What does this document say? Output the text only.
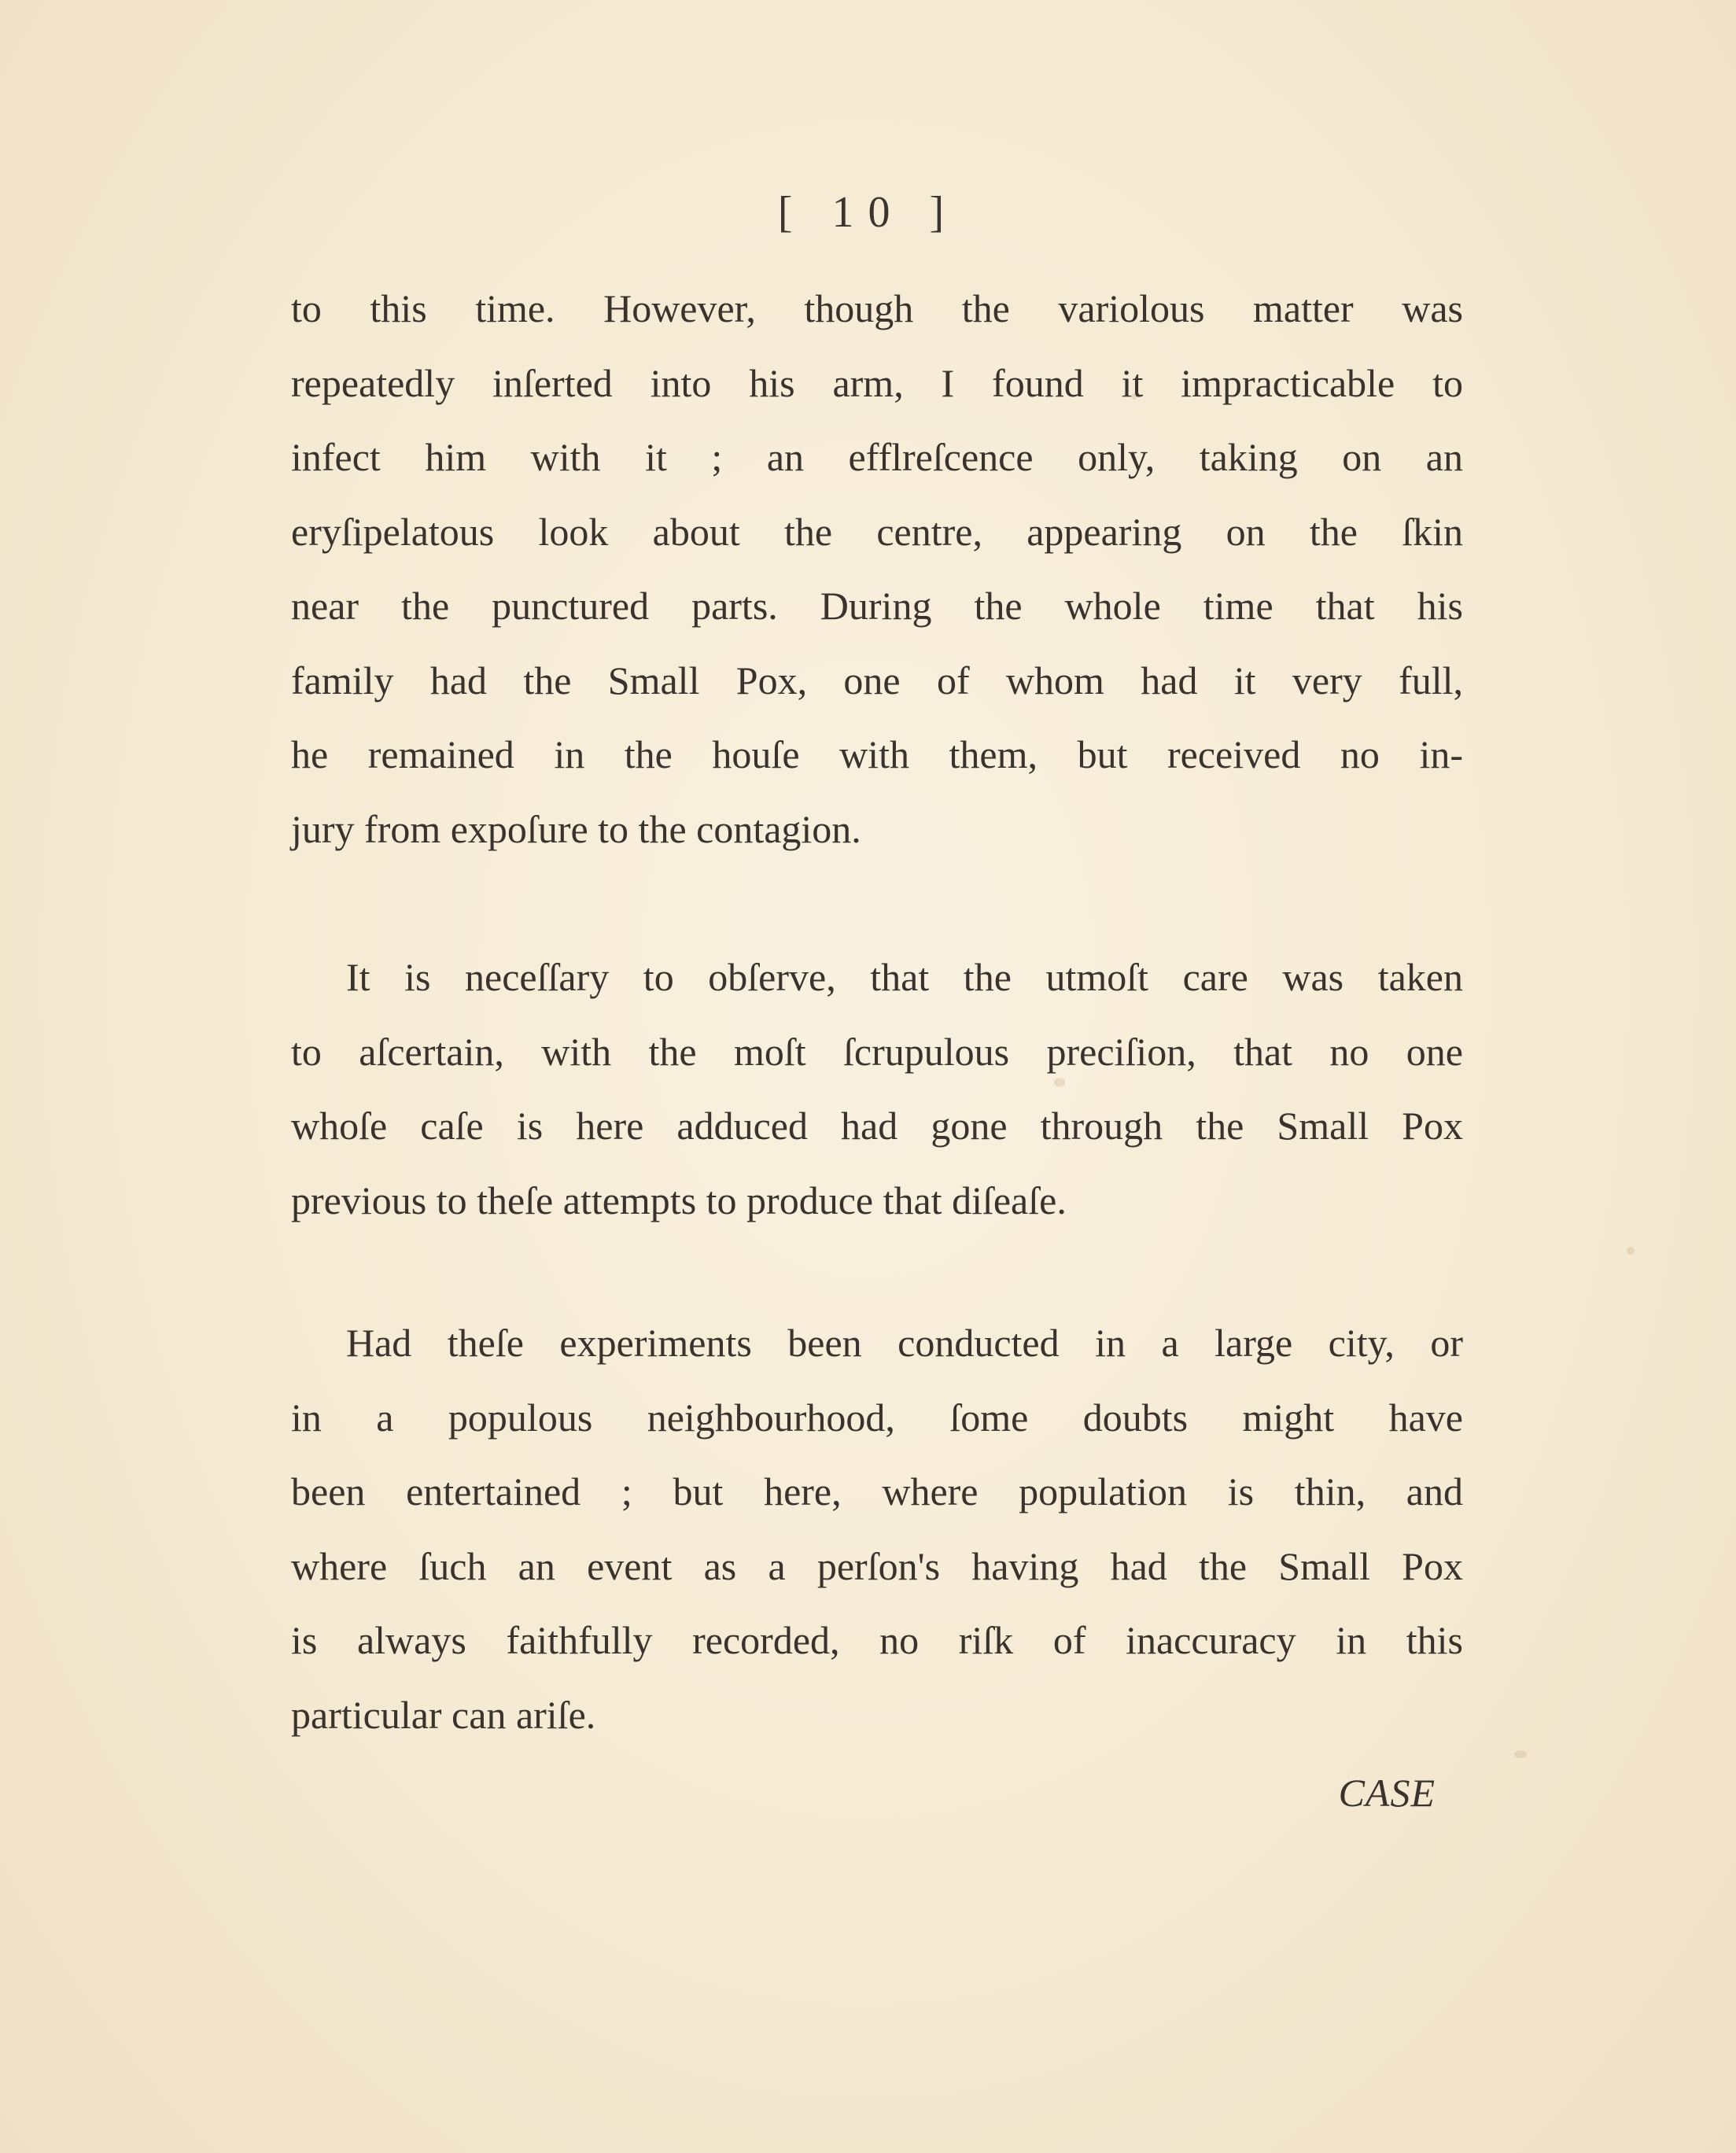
[ 10 ]
to this time. However, though the variolous matter was
repeatedly inſerted into his arm, I found it impracticable to
infect him with it ; an efflreſcence only, taking on an
eryſipelatous look about the centre, appearing on the ſkin
near the punctured parts. During the whole time that his
family had the Small Pox, one of whom had it very full,
he remained in the houſe with them, but received no in-
jury from expoſure to the contagion.
It is neceſſary to obſerve, that the utmoſt care was taken
to aſcertain, with the moſt ſcrupulous preciſion, that no one
whoſe caſe is here adduced had gone through the Small Pox
previous to theſe attempts to produce that diſeaſe.
Had theſe experiments been conducted in a large city, or
in a populous neighbourhood, ſome doubts might have
been entertained ; but here, where population is thin, and
where ſuch an event as a perſon's having had the Small Pox
is always faithfully recorded, no riſk of inaccuracy in this
particular can ariſe.
CASE
